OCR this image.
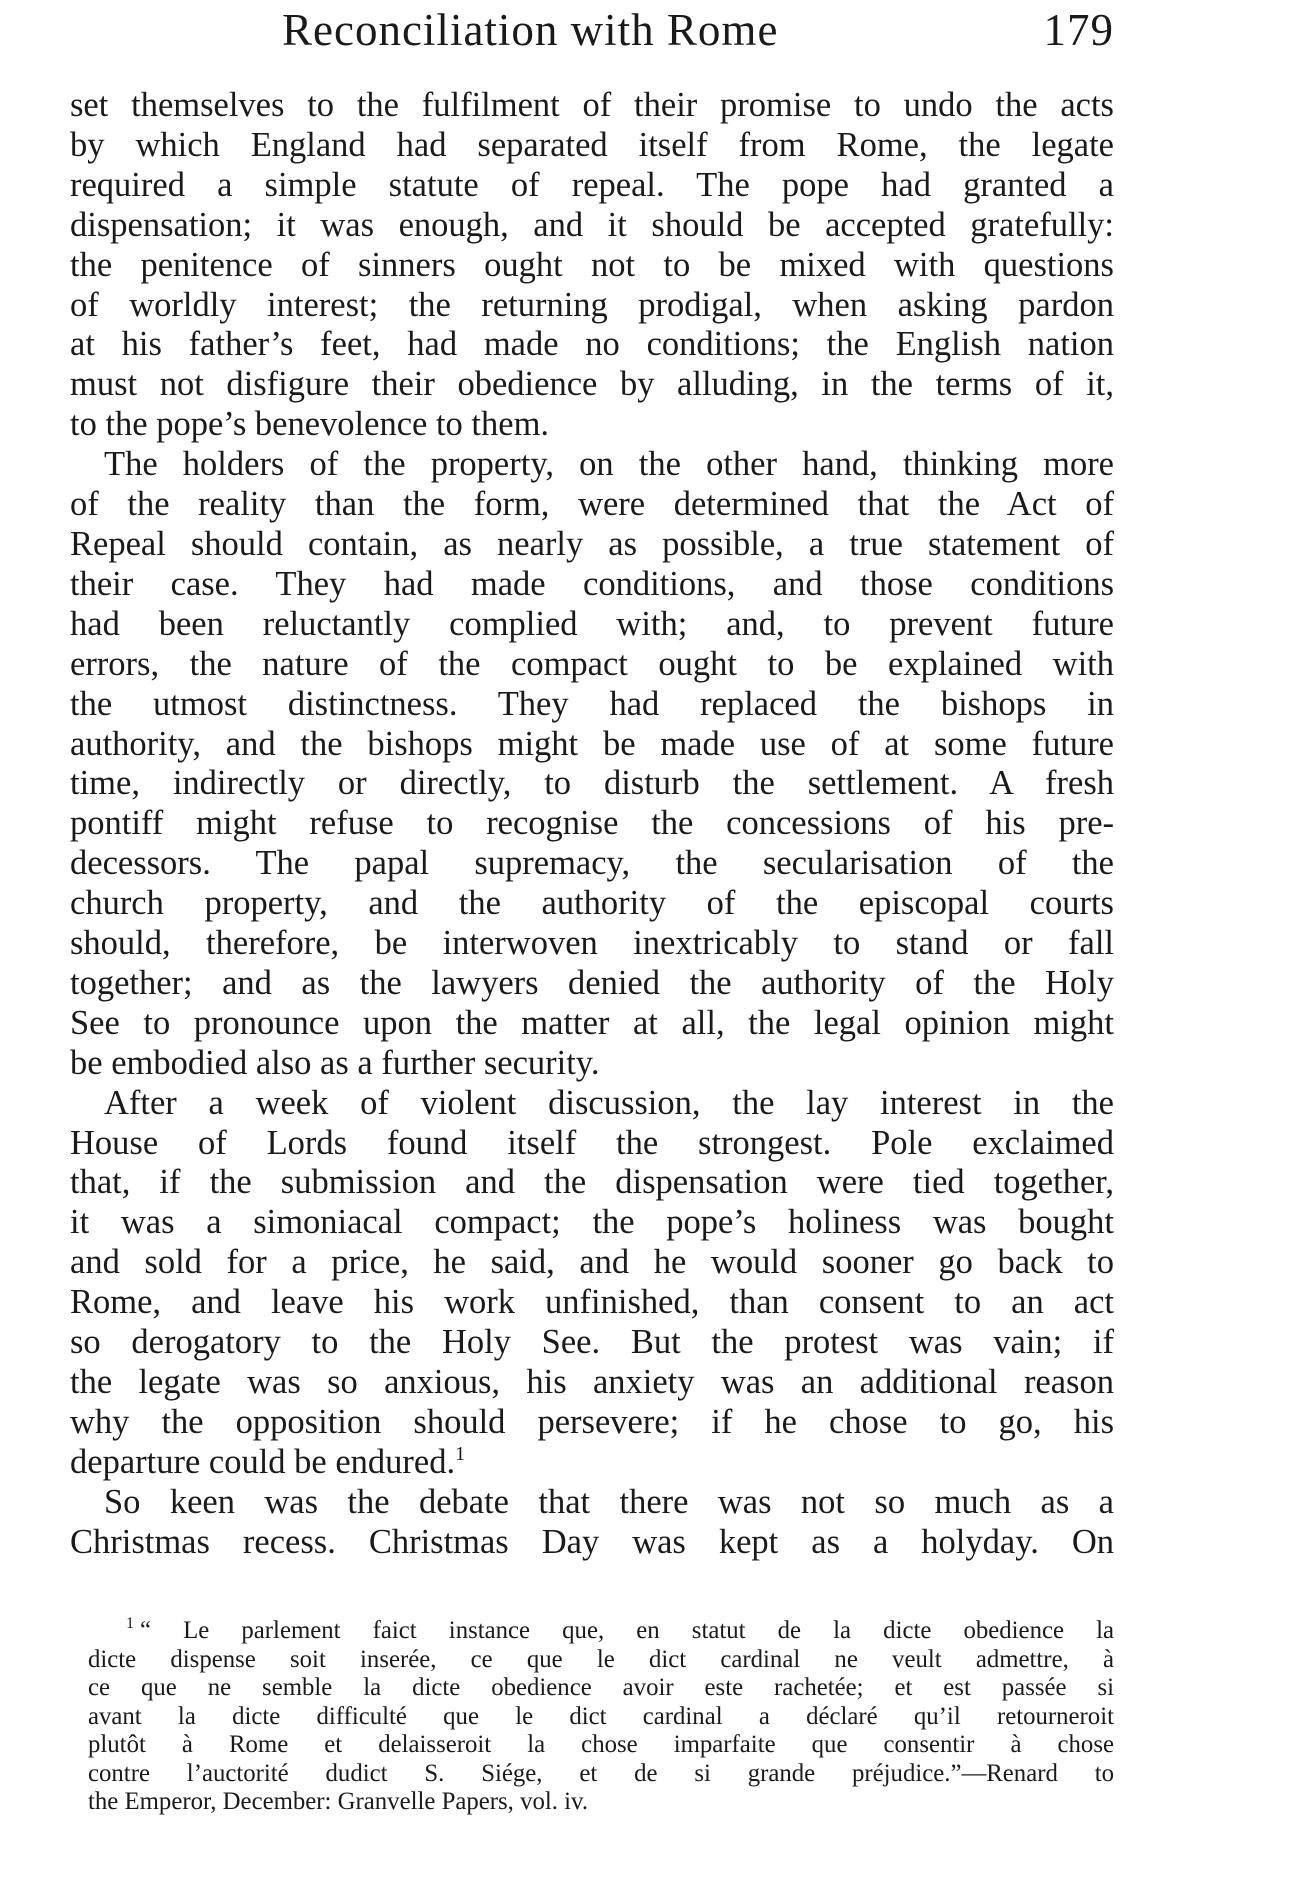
Reconciliation with Rome	179

set themselves to the fulfilment of their promise to undo the acts
by which England had separated itself from Rome, the legate
required a simple statute of repeal. The pope had granted a
dispensation; it was enough, and it should be accepted gratefully:
the penitence of sinners ought not to be mixed with questions
of worldly interest; the returning prodigal, when asking pardon
at his father’s feet, had made no conditions; the English nation
must not disfigure their obedience by alluding, in the terms of it,
to the pope’s benevolence to them.

The holders of the property, on the other hand, thinking more
of the reality than the form, were determined that the Act of
Repeal should contain, as nearly as possible, a true statement of
their case. They had made conditions, and those conditions
had been reluctantly complied with; and, to prevent future
errors, the nature of the compact ought to be explained with
the utmost distinctness. They had replaced the bishops in
authority, and the bishops might be made use of at some future
time, indirectly or directly, to disturb the settlement. A fresh
pontiff might refuse to recognise the concessions of his pre-
decessors. The papal supremacy, the secularisation of the
church property, and the authority of the episcopal courts
should, therefore, be interwoven inextricably to stand or fall
together; and as the lawyers denied the authority of the Holy
See to pronounce upon the matter at all, the legal opinion might
be embodied also as a further security.

After a week of violent discussion, the lay interest in the
House of Lords found itself the strongest. Pole exclaimed
that, if the submission and the dispensation were tied together,
it was a simoniacal compact; the pope’s holiness was bought
and sold for a price, he said, and he would sooner go back to
Rome, and leave his work unfinished, than consent to an act
so derogatory to the Holy See. But the protest was vain; if
the legate was so anxious, his anxiety was an additional reason
why the opposition should persevere; if he chose to go, his
departure could be endured.$^1$

So keen was the debate that there was not so much as a
Christmas recess. Christmas Day was kept as a holyday. On

$^1$ “ Le parlement faict instance que, en statut de la dicte obedience la
dicte dispense soit inserée, ce que le dict cardinal ne veult admettre, à
ce que ne semble la dicte obedience avoir este rachetée; et est passée si
avant la dicte difficulté que le dict cardinal a déclaré qu’il retourneroit
plutôt à Rome et delaisseroit la chose imparfaite que consentir à chose
contre l’auctorité dudict S. Siége, et de si grande préjudice.”—Renard to
the Emperor, December: Granvelle Papers, vol. iv.
